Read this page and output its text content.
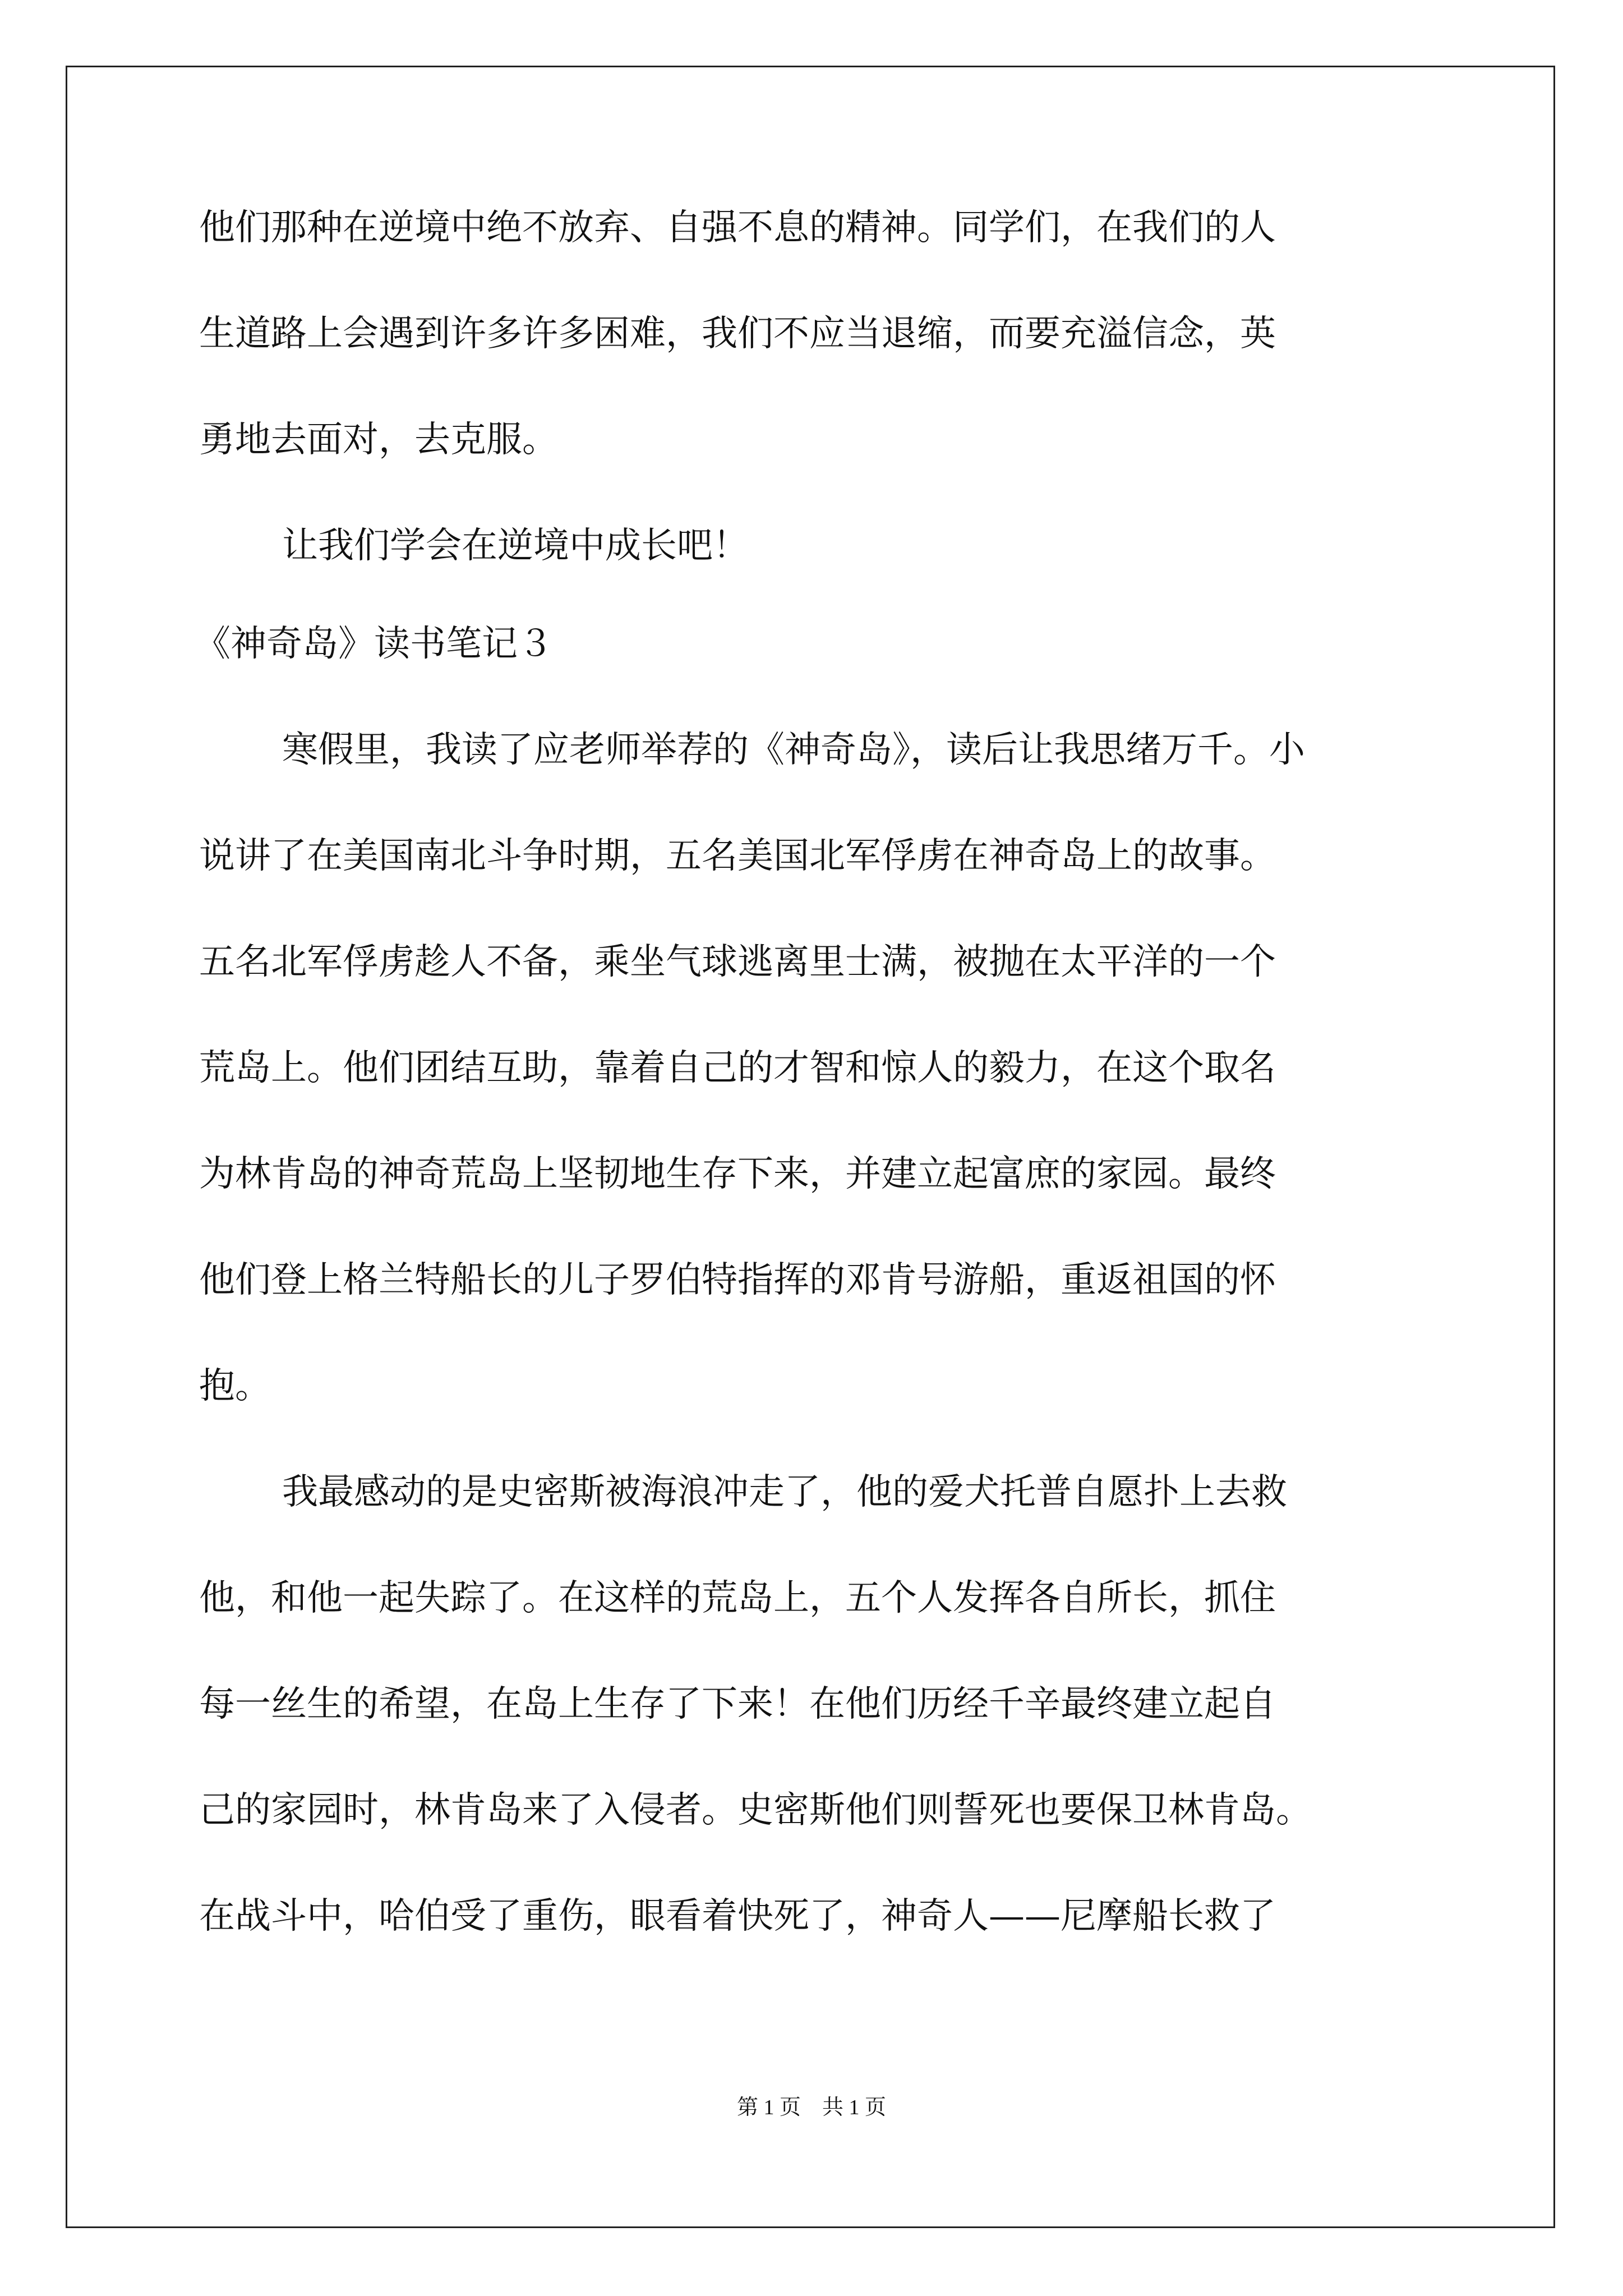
他们那种在逆境中绝不放弃、自强不息的精神。同学们，在我们的人

生道路上会遇到许多许多困难，我们不应当退缩，而要充溢信念，英

勇地去面对，去克服。

让我们学会在逆境中成长吧！

《神奇岛》读书笔记３

寒假里，我读了应老师举荐的《神奇岛》，读后让我思绪万千。小

说讲了在美国南北斗争时期，五名美国北军俘虏在神奇岛上的故事。

五名北军俘虏趁人不备，乘坐气球逃离里士满，被抛在太平洋的一个

荒岛上。他们团结互助，靠着自己的才智和惊人的毅力，在这个取名

为林肯岛的神奇荒岛上坚韧地生存下来，并建立起富庶的家园。最终

他们登上格兰特船长的儿子罗伯特指挥的邓肯号游船，重返祖国的怀

抱。

我最感动的是史密斯被海浪冲走了，他的爱犬托普自愿扑上去救

他，和他一起失踪了。在这样的荒岛上，五个人发挥各自所长，抓住

每一丝生的希望，在岛上生存了下来！在他们历经千辛最终建立起自

己的家园时，林肯岛来了入侵者。史密斯他们则誓死也要保卫林肯岛。

在战斗中，哈伯受了重伤，眼看着快死了，神奇人——尼摩船长救了

第 1 页　共 1 页
